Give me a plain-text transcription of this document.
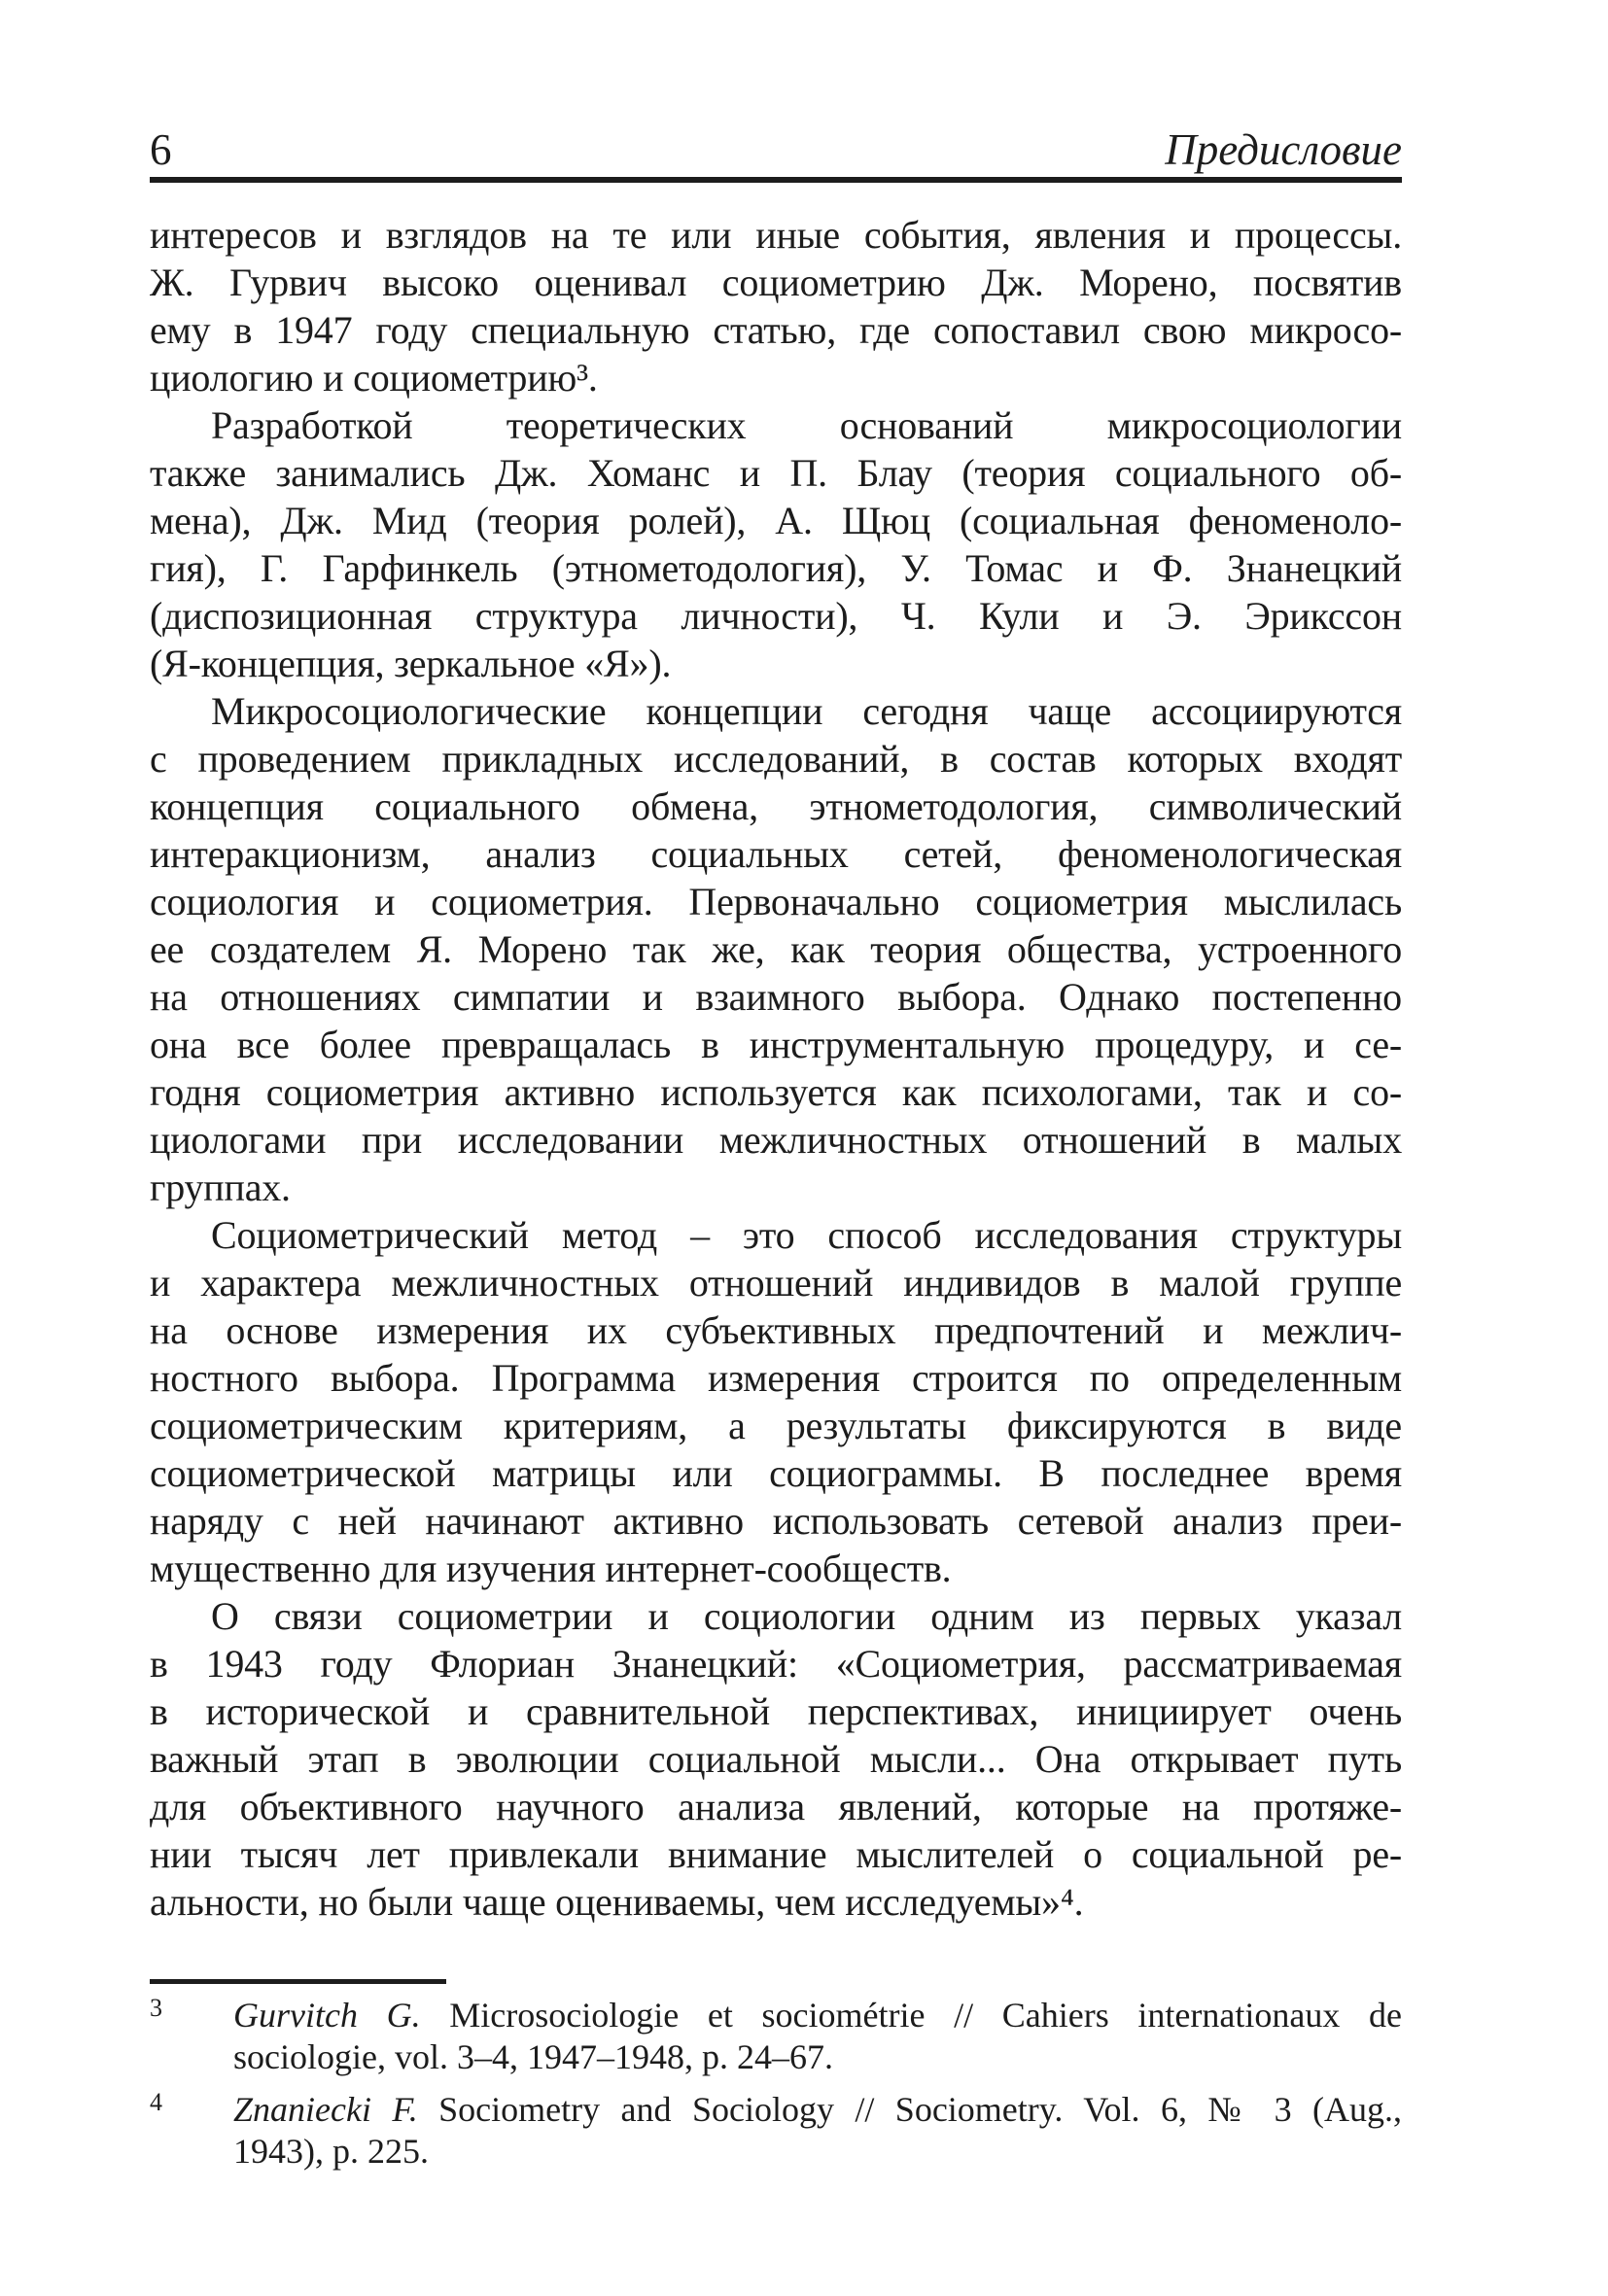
6	Предисловие
интересов и взглядов на те или иные события, явления и процессы.
Ж. Гурвич высоко оценивал социометрию Дж. Морено, посвятив
ему в 1947 году специальную статью, где сопоставил свою микросо-
циологию и социометрию³.
Разработкой теоретических оснований микросоциологии
также занимались Дж. Хоманс и П. Блау (теория социального об-
мена), Дж. Мид (теория ролей), А. Щюц (социальная феноменоло-
гия), Г. Гарфинкель (этнометодология), У. Томас и Ф. Знанецкий
(диспозиционная структура личности), Ч. Кули и Э. Эрикссон
(Я-концепция, зеркальное «Я»).
Микросоциологические концепции сегодня чаще ассоциируются
с проведением прикладных исследований, в состав которых входят
концепция социального обмена, этнометодология, символический
интеракционизм, анализ социальных сетей, феноменологическая
социология и социометрия. Первоначально социометрия мыслилась
ее создателем Я. Морено так же, как теория общества, устроенного
на отношениях симпатии и взаимного выбора. Однако постепенно
она все более превращалась в инструментальную процедуру, и се-
годня социометрия активно используется как психологами, так и со-
циологами при исследовании межличностных отношений в малых
группах.
Социометрический метод – это способ исследования структуры
и характера межличностных отношений индивидов в малой группе
на основе измерения их субъективных предпочтений и межлич-
ностного выбора. Программа измерения строится по определенным
социометрическим критериям, а результаты фиксируются в виде
социометрической матрицы или социограммы. В последнее время
наряду с ней начинают активно использовать сетевой анализ преи-
мущественно для изучения интернет-сообществ.
О связи социометрии и социологии одним из первых указал
в 1943 году Флориан Знанецкий: «Социометрия, рассматриваемая
в исторической и сравнительной перспективах, инициирует очень
важный этап в эволюции социальной мысли... Она открывает путь
для объективного научного анализа явлений, которые на протяже-
нии тысяч лет привлекали внимание мыслителей о социальной ре-
альности, но были чаще оцениваемы, чем исследуемы»⁴.
3 Gurvitch G. Microsociologie et sociométrie // Cahiers internationaux de
sociologie, vol. 3–4, 1947–1948, p. 24–67.
4 Znaniecki F. Sociometry and Sociology // Sociometry. Vol. 6, № 3 (Aug.,
1943), p. 225.
